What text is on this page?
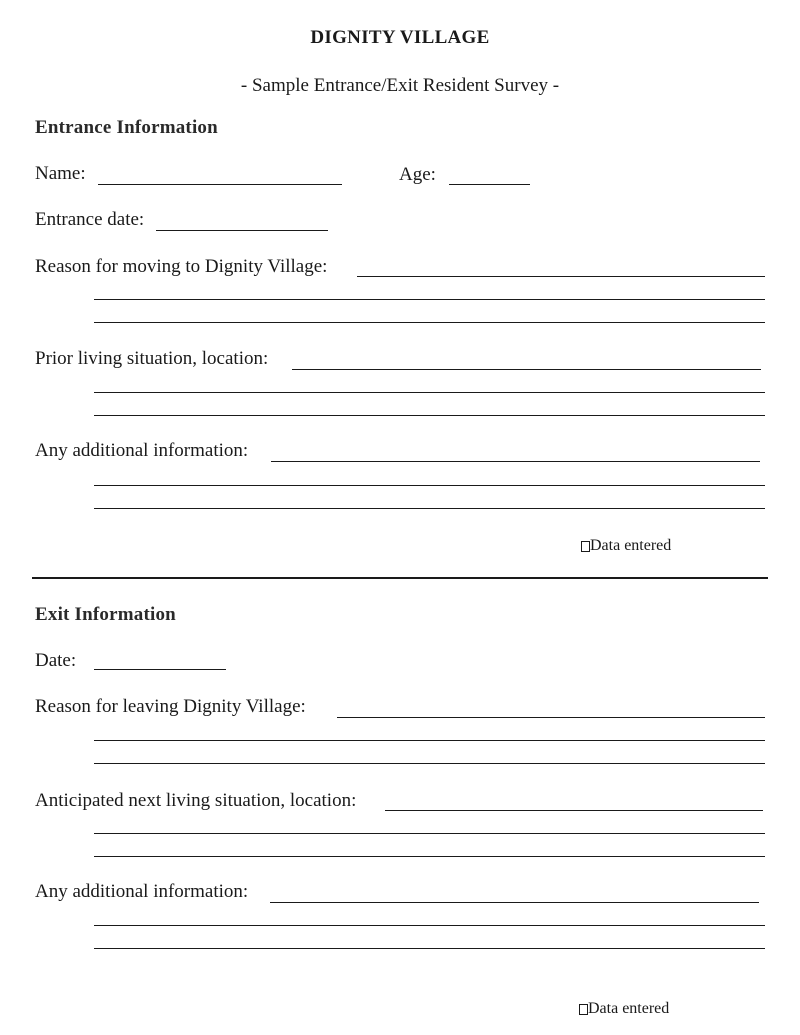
DIGNITY VILLAGE
- Sample Entrance/Exit Resident Survey -
Entrance Information
Name:	Age:
Entrance date:
Reason for moving to Dignity Village:
Prior living situation, location:
Any additional information:
Data entered
Exit Information
Date:
Reason for leaving Dignity Village:
Anticipated next living situation, location:
Any additional information:
Data entered
